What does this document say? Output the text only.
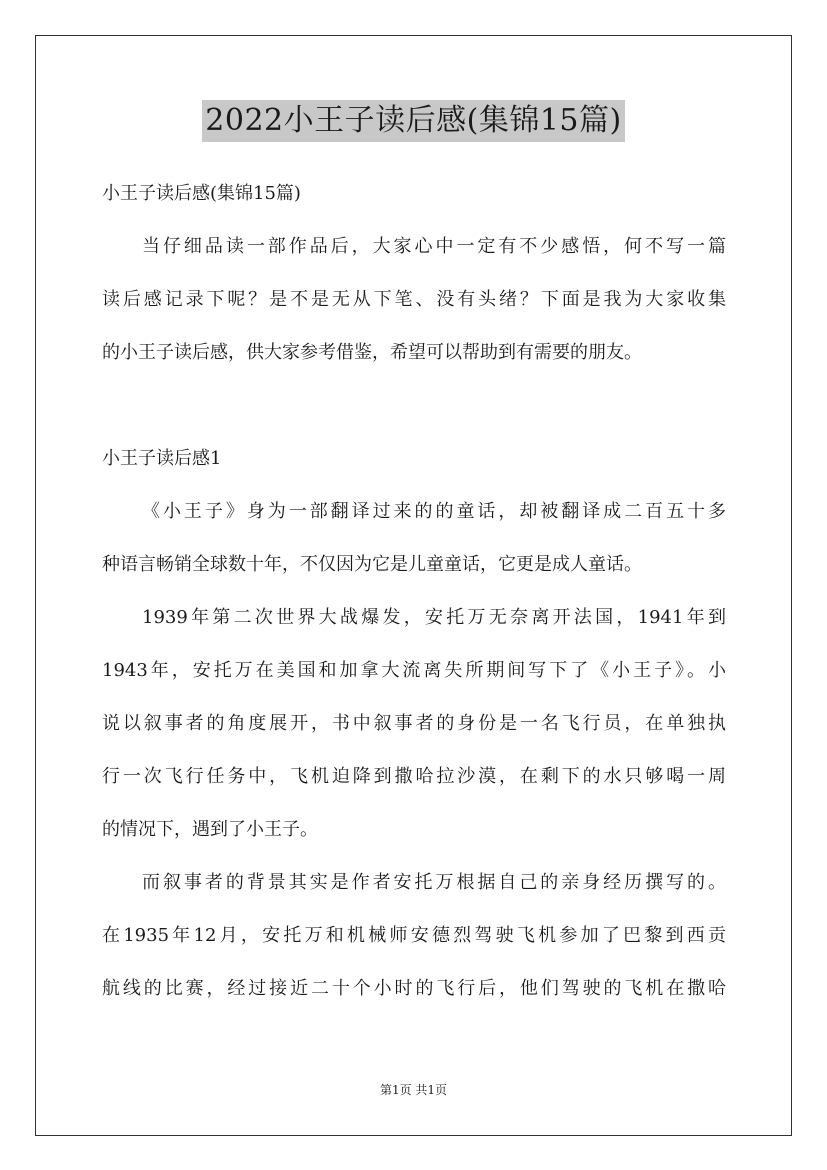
2022小王子读后感(集锦15篇)
小王子读后感(集锦15篇)
当仔细品读一部作品后，大家心中一定有不少感悟，何不写一篇
读后感记录下呢？是不是无从下笔、没有头绪？下面是我为大家收集
的小王子读后感，供大家参考借鉴，希望可以帮助到有需要的朋友。
小王子读后感1
《小王子》身为一部翻译过来的的童话，却被翻译成二百五十多
种语言畅销全球数十年，不仅因为它是儿童童话，它更是成人童话。
1939年第二次世界大战爆发，安托万无奈离开法国，1941年到
1943年，安托万在美国和加拿大流离失所期间写下了《小王子》。小
说以叙事者的角度展开，书中叙事者的身份是一名飞行员，在单独执
行一次飞行任务中，飞机迫降到撒哈拉沙漠，在剩下的水只够喝一周
的情况下，遇到了小王子。
而叙事者的背景其实是作者安托万根据自己的亲身经历撰写的。
在1935年12月，安托万和机械师安德烈驾驶飞机参加了巴黎到西贡
航线的比赛，经过接近二十个小时的飞行后，他们驾驶的飞机在撒哈
第1页 共1页
